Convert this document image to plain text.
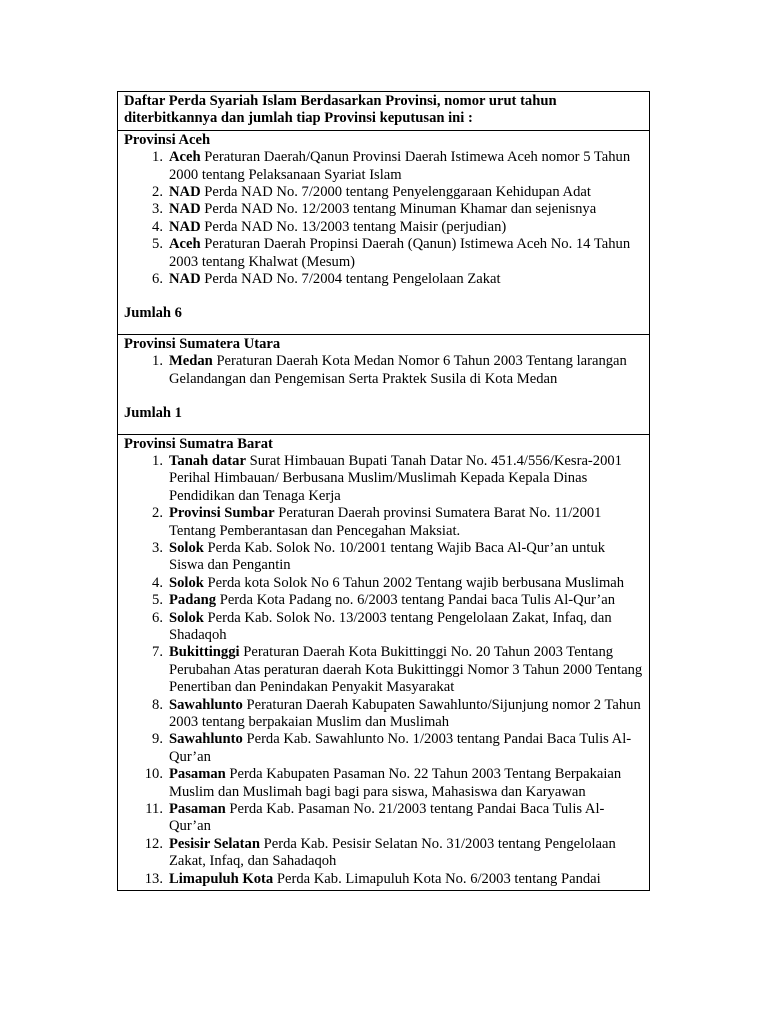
Daftar Perda Syariah Islam Berdasarkan Provinsi, nomor urut tahun diterbitkannya dan jumlah tiap Provinsi keputusan ini :

Provinsi Aceh
1. Aceh Peraturan Daerah/Qanun Provinsi Daerah Istimewa Aceh nomor 5 Tahun 2000 tentang Pelaksanaan Syariat Islam
2. NAD Perda NAD No. 7/2000 tentang Penyelenggaraan Kehidupan Adat
3. NAD Perda NAD No. 12/2003 tentang Minuman Khamar dan sejenisnya
4. NAD Perda NAD No. 13/2003 tentang Maisir (perjudian)
5. Aceh Peraturan Daerah Propinsi Daerah (Qanun) Istimewa Aceh No. 14 Tahun 2003 tentang Khalwat (Mesum)
6. NAD Perda NAD No. 7/2004 tentang Pengelolaan Zakat
Jumlah 6

Provinsi Sumatera Utara
1. Medan Peraturan Daerah Kota Medan Nomor 6 Tahun 2003 Tentang larangan Gelandangan dan Pengemisan Serta Praktek Susila di Kota Medan
Jumlah 1

Provinsi Sumatra Barat
1. Tanah datar Surat Himbauan Bupati Tanah Datar No. 451.4/556/Kesra-2001 Perihal Himbauan/ Berbusana Muslim/Muslimah Kepada Kepala Dinas Pendidikan dan Tenaga Kerja
2. Provinsi Sumbar Peraturan Daerah provinsi Sumatera Barat No. 11/2001 Tentang Pemberantasan dan Pencegahan Maksiat.
3. Solok Perda Kab. Solok No. 10/2001 tentang Wajib Baca Al-Qur’an untuk Siswa dan Pengantin
4. Solok Perda kota Solok No 6 Tahun 2002 Tentang wajib berbusana Muslimah
5. Padang Perda Kota Padang no. 6/2003 tentang Pandai baca Tulis Al-Qur’an
6. Solok Perda Kab. Solok No. 13/2003 tentang Pengelolaan Zakat, Infaq, dan Shadaqoh
7. Bukittinggi Peraturan Daerah Kota Bukittinggi No. 20 Tahun 2003 Tentang Perubahan Atas peraturan daerah Kota Bukittinggi Nomor 3 Tahun 2000 Tentang Penertiban dan Penindakan Penyakit Masyarakat
8. Sawahlunto Peraturan Daerah Kabupaten Sawahlunto/Sijunjung nomor 2 Tahun 2003 tentang berpakaian Muslim dan Muslimah
9. Sawahlunto Perda Kab. Sawahlunto No. 1/2003 tentang Pandai Baca Tulis Al-Qur’an
10. Pasaman Perda Kabupaten Pasaman No. 22 Tahun 2003 Tentang Berpakaian Muslim dan Muslimah bagi bagi para siswa, Mahasiswa dan Karyawan
11. Pasaman Perda Kab. Pasaman No. 21/2003 tentang Pandai Baca Tulis Al-Qur’an
12. Pesisir Selatan Perda Kab. Pesisir Selatan No. 31/2003 tentang Pengelolaan Zakat, Infaq, dan Sahadaqoh
13. Limapuluh Kota Perda Kab. Limapuluh Kota No. 6/2003 tentang Pandai
